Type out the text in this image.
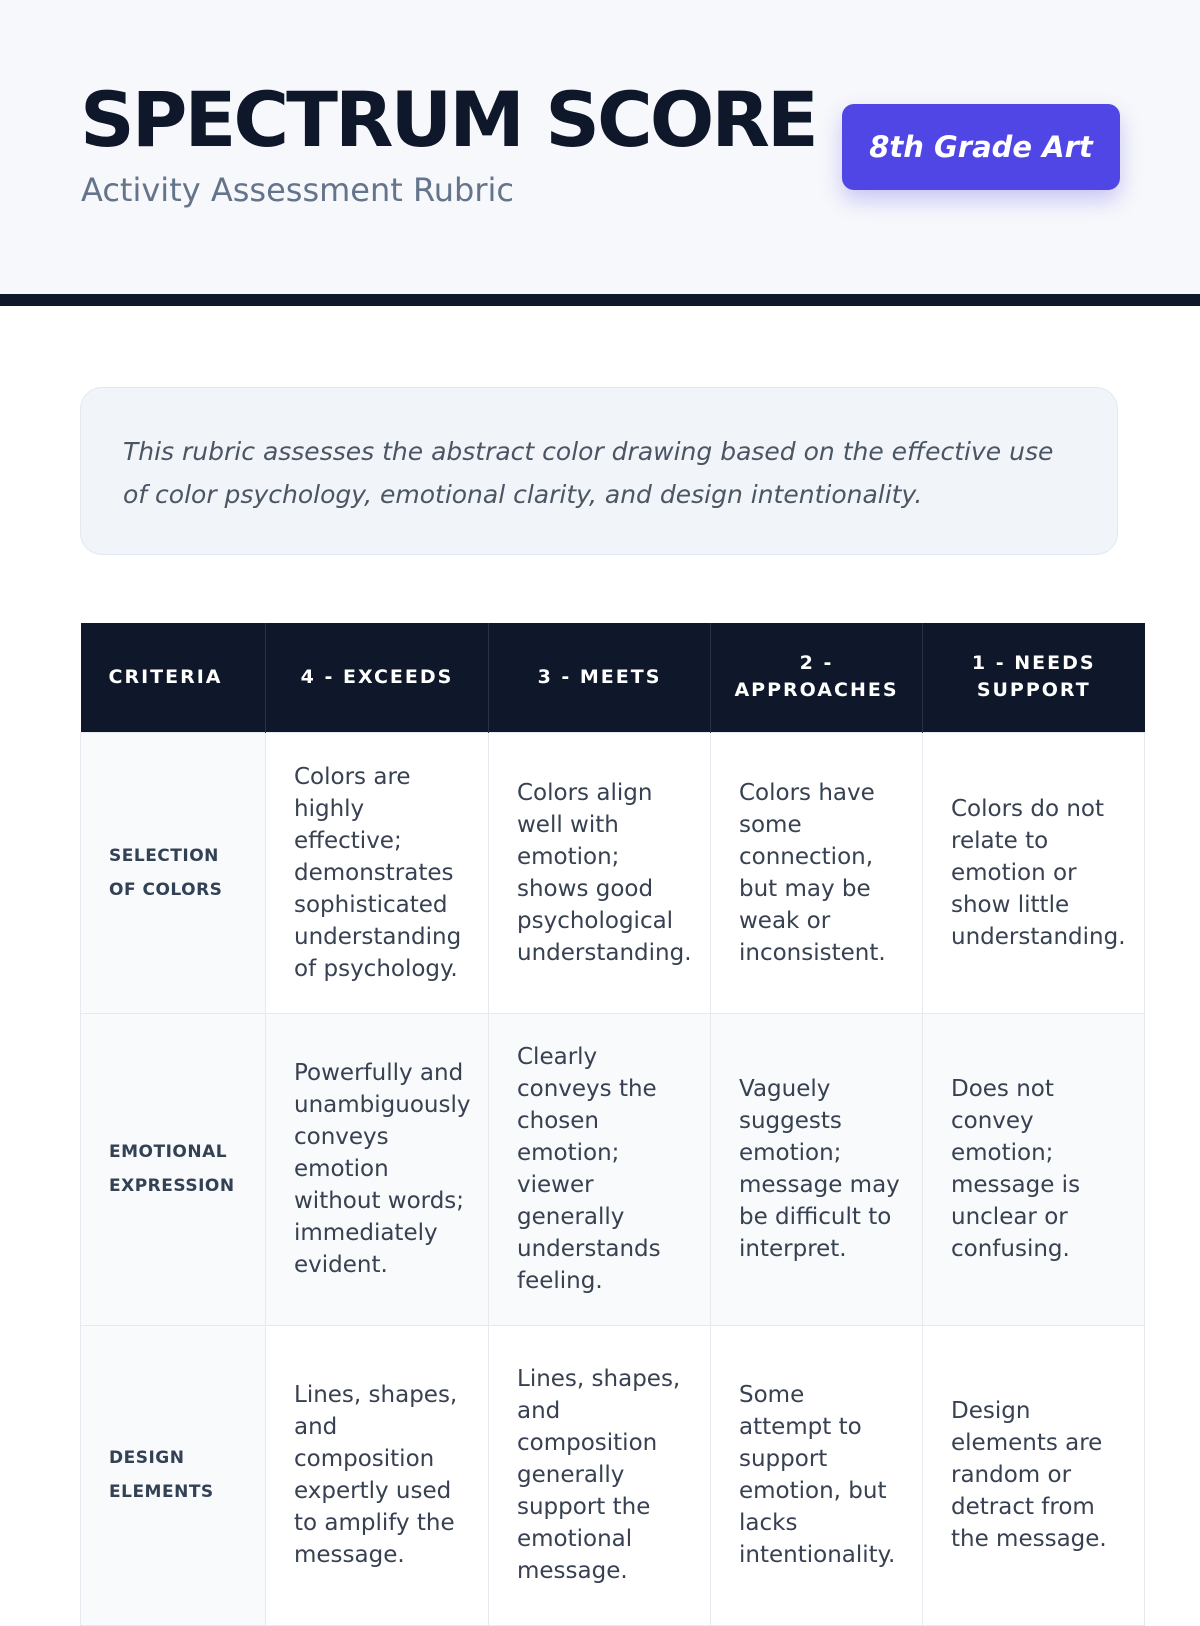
SPECTRUM SCORE
Activity Assessment Rubric
8th Grade Art
This rubric assesses the abstract color drawing based on the effective use of color psychology, emotional clarity, and design intentionality.
CRITERIA	4 - EXCEEDS	3 - MEETS	2 - APPROACHES	1 - NEEDS SUPPORT
SELECTION OF COLORS	Colors are highly effective; demonstrates sophisticated understanding of psychology.	Colors align well with emotion; shows good psychological understanding.	Colors have some connection, but may be weak or inconsistent.	Colors do not relate to emotion or show little understanding.
EMOTIONAL EXPRESSION	Powerfully and unambiguously conveys emotion without words; immediately evident.	Clearly conveys the chosen emotion; viewer generally understands feeling.	Vaguely suggests emotion; message may be difficult to interpret.	Does not convey emotion; message is unclear or confusing.
DESIGN ELEMENTS	Lines, shapes, and composition expertly used to amplify the message.	Lines, shapes, and composition generally support the emotional message.	Some attempt to support emotion, but lacks intentionality.	Design elements are random or detract from the message.
